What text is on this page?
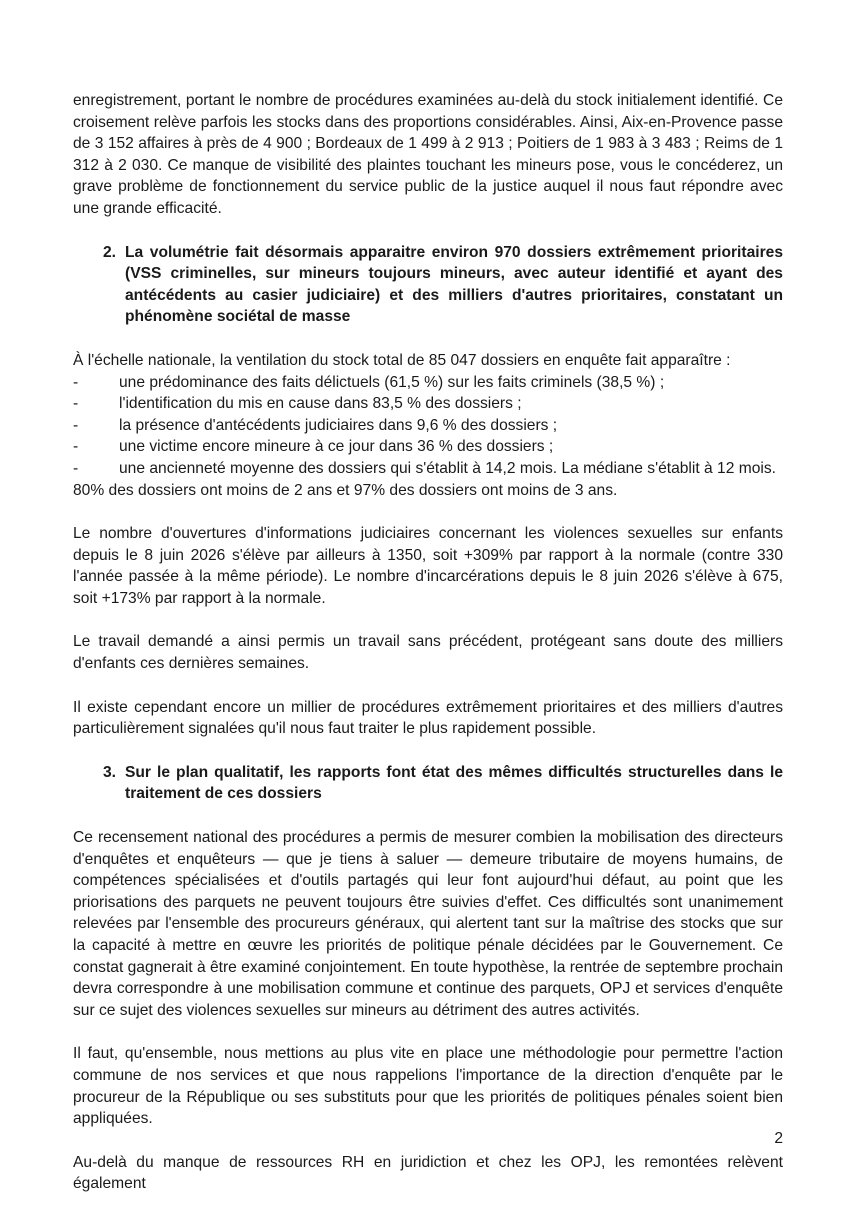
enregistrement, portant le nombre de procédures examinées au-delà du stock initialement identifié. Ce croisement relève parfois les stocks dans des proportions considérables. Ainsi, Aix-en-Provence passe de 3 152 affaires à près de 4 900 ; Bordeaux de 1 499 à 2 913 ; Poitiers de 1 983 à 3 483 ; Reims de 1 312 à 2 030. Ce manque de visibilité des plaintes touchant les mineurs pose, vous le concéderez, un grave problème de fonctionnement du service public de la justice auquel il nous faut répondre avec une grande efficacité.

2. La volumétrie fait désormais apparaitre environ 970 dossiers extrêmement prioritaires (VSS criminelles, sur mineurs toujours mineurs, avec auteur identifié et ayant des antécédents au casier judiciaire) et des milliers d'autres prioritaires, constatant un phénomène sociétal de masse

À l'échelle nationale, la ventilation du stock total de 85 047 dossiers en enquête fait apparaître :

-	une prédominance des faits délictuels (61,5 %) sur les faits criminels (38,5 %) ;
-	l'identification du mis en cause dans 83,5 % des dossiers ;
-	la présence d'antécédents judiciaires dans 9,6 % des dossiers ;
-	une victime encore mineure à ce jour dans 36 % des dossiers ;
-	une ancienneté moyenne des dossiers qui s'établit à 14,2 mois. La médiane s'établit à 12 mois.

80% des dossiers ont moins de 2 ans et 97% des dossiers ont moins de 3 ans.

Le nombre d'ouvertures d'informations judiciaires concernant les violences sexuelles sur enfants depuis le 8 juin 2026 s'élève par ailleurs à 1350, soit +309% par rapport à la normale (contre 330 l'année passée à la même période). Le nombre d'incarcérations depuis le 8 juin 2026 s'élève à 675, soit +173% par rapport à la normale.

Le travail demandé a ainsi permis un travail sans précédent, protégeant sans doute des milliers d'enfants ces dernières semaines.

Il existe cependant encore un millier de procédures extrêmement prioritaires et des milliers d'autres particulièrement signalées qu'il nous faut traiter le plus rapidement possible.

3. Sur le plan qualitatif, les rapports font état des mêmes difficultés structurelles dans le traitement de ces dossiers

Ce recensement national des procédures a permis de mesurer combien la mobilisation des directeurs d'enquêtes et enquêteurs — que je tiens à saluer — demeure tributaire de moyens humains, de compétences spécialisées et d'outils partagés qui leur font aujourd'hui défaut, au point que les priorisations des parquets ne peuvent toujours être suivies d'effet. Ces difficultés sont unanimement relevées par l'ensemble des procureurs généraux, qui alertent tant sur la maîtrise des stocks que sur la capacité à mettre en œuvre les priorités de politique pénale décidées par le Gouvernement. Ce constat gagnerait à être examiné conjointement. En toute hypothèse, la rentrée de septembre prochain devra correspondre à une mobilisation commune et continue des parquets, OPJ et services d'enquête sur ce sujet des violences sexuelles sur mineurs au détriment des autres activités.

Il faut, qu'ensemble, nous mettions au plus vite en place une méthodologie pour permettre l'action commune de nos services et que nous rappelions l'importance de la direction d'enquête par le procureur de la République ou ses substituts pour que les priorités de politiques pénales soient bien appliquées.

Au-delà du manque de ressources RH en juridiction et chez les OPJ, les remontées relèvent également

2
